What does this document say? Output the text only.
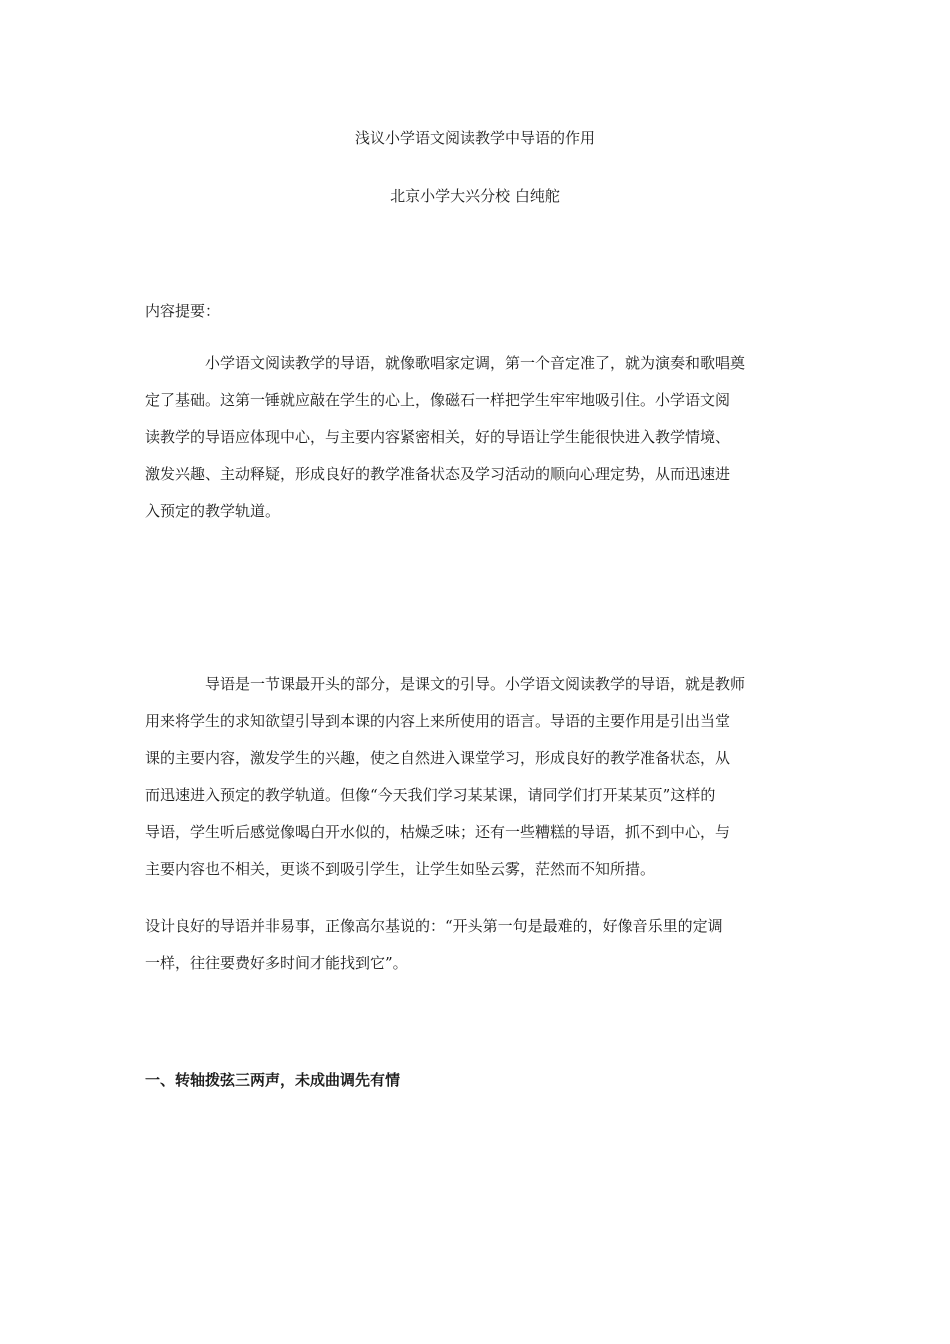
浅议小学语文阅读教学中导语的作用
北京小学大兴分校 白纯舵
内容提要：
小学语文阅读教学的导语，就像歌唱家定调，第一个音定准了，就为演奏和歌唱奠
定了基础。这第一锤就应敲在学生的心上，像磁石一样把学生牢牢地吸引住。小学语文阅
读教学的导语应体现中心，与主要内容紧密相关，好的导语让学生能很快进入教学情境、
激发兴趣、主动释疑，形成良好的教学准备状态及学习活动的顺向心理定势，从而迅速进
入预定的教学轨道。
导语是一节课最开头的部分，是课文的引导。小学语文阅读教学的导语，就是教师
用来将学生的求知欲望引导到本课的内容上来所使用的语言。导语的主要作用是引出当堂
课的主要内容，激发学生的兴趣，使之自然进入课堂学习，形成良好的教学准备状态，从
而迅速进入预定的教学轨道。但像“今天我们学习某某课，请同学们打开某某页”这样的
导语，学生听后感觉像喝白开水似的，枯燥乏味；还有一些糟糕的导语，抓不到中心，与
主要内容也不相关，更谈不到吸引学生，让学生如坠云雾，茫然而不知所措。
设计良好的导语并非易事，正像高尔基说的：“开头第一句是最难的，好像音乐里的定调
一样，往往要费好多时间才能找到它”。
一、转轴拨弦三两声，未成曲调先有情
